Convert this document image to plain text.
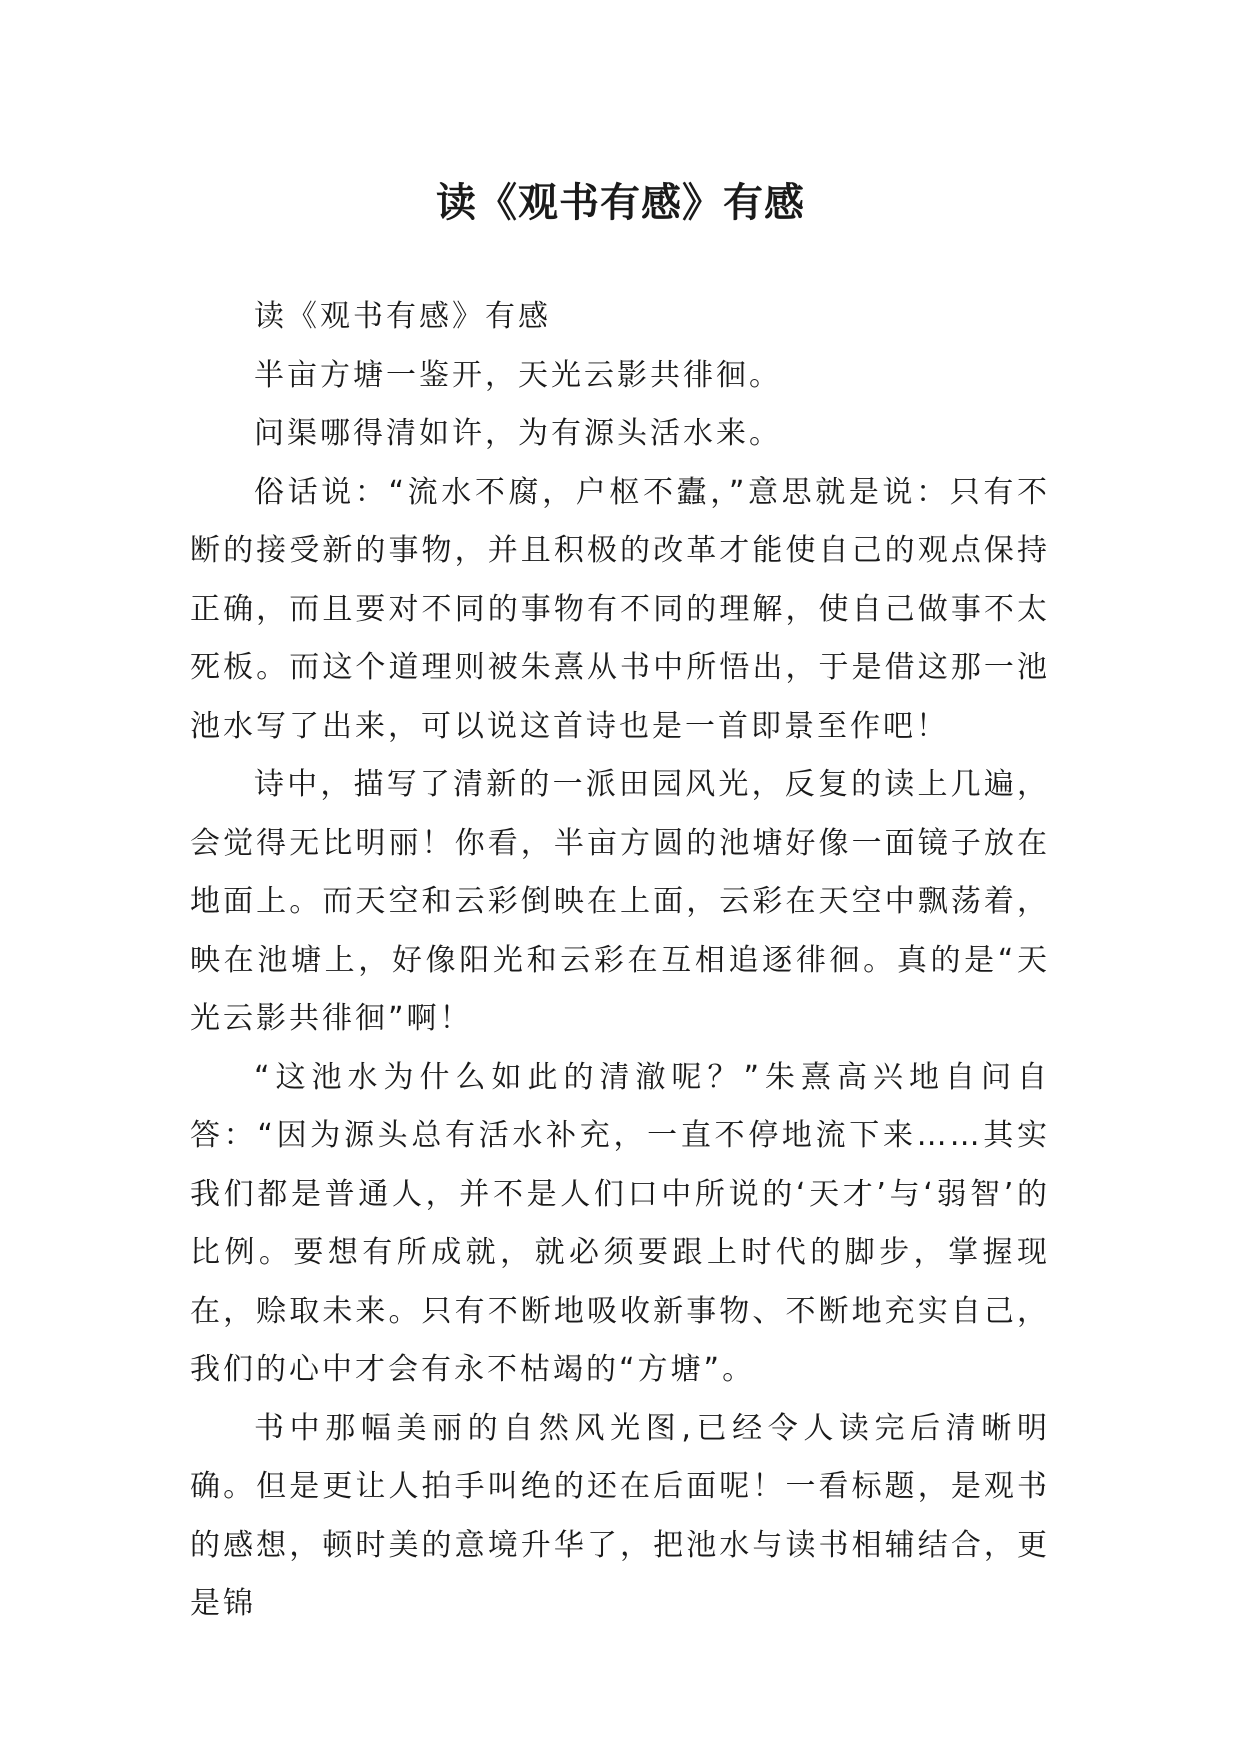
读《观书有感》有感

读《观书有感》有感

半亩方塘一鉴开，天光云影共徘徊。

问渠哪得清如许，为有源头活水来。

俗话说：“流水不腐，户枢不蠹，”意思就是说：只有不断的接受新的事物，并且积极的改革才能使自己的观点保持正确，而且要对不同的事物有不同的理解，使自己做事不太死板。而这个道理则被朱熹从书中所悟出，于是借这那一池池水写了出来，可以说这首诗也是一首即景至作吧！

诗中，描写了清新的一派田园风光，反复的读上几遍，会觉得无比明丽！你看，半亩方圆的池塘好像一面镜子放在地面上。而天空和云彩倒映在上面，云彩在天空中飘荡着，映在池塘上，好像阳光和云彩在互相追逐徘徊。真的是“天光云影共徘徊”啊！

“这池水为什么如此的清澈呢？”朱熹高兴地自问自答：“因为源头总有活水补充，一直不停地流下来……其实我们都是普通人，并不是人们口中所说的‘天才’与‘弱智’的比例。要想有所成就，就必须要跟上时代的脚步，掌握现在，赊取未来。只有不断地吸收新事物、不断地充实自己，我们的心中才会有永不枯竭的“方塘”。

书中那幅美丽的自然风光图,已经令人读完后清晰明确。但是更让人拍手叫绝的还在后面呢！一看标题，是观书的感想，顿时美的意境升华了，把池水与读书相辅结合，更是锦
